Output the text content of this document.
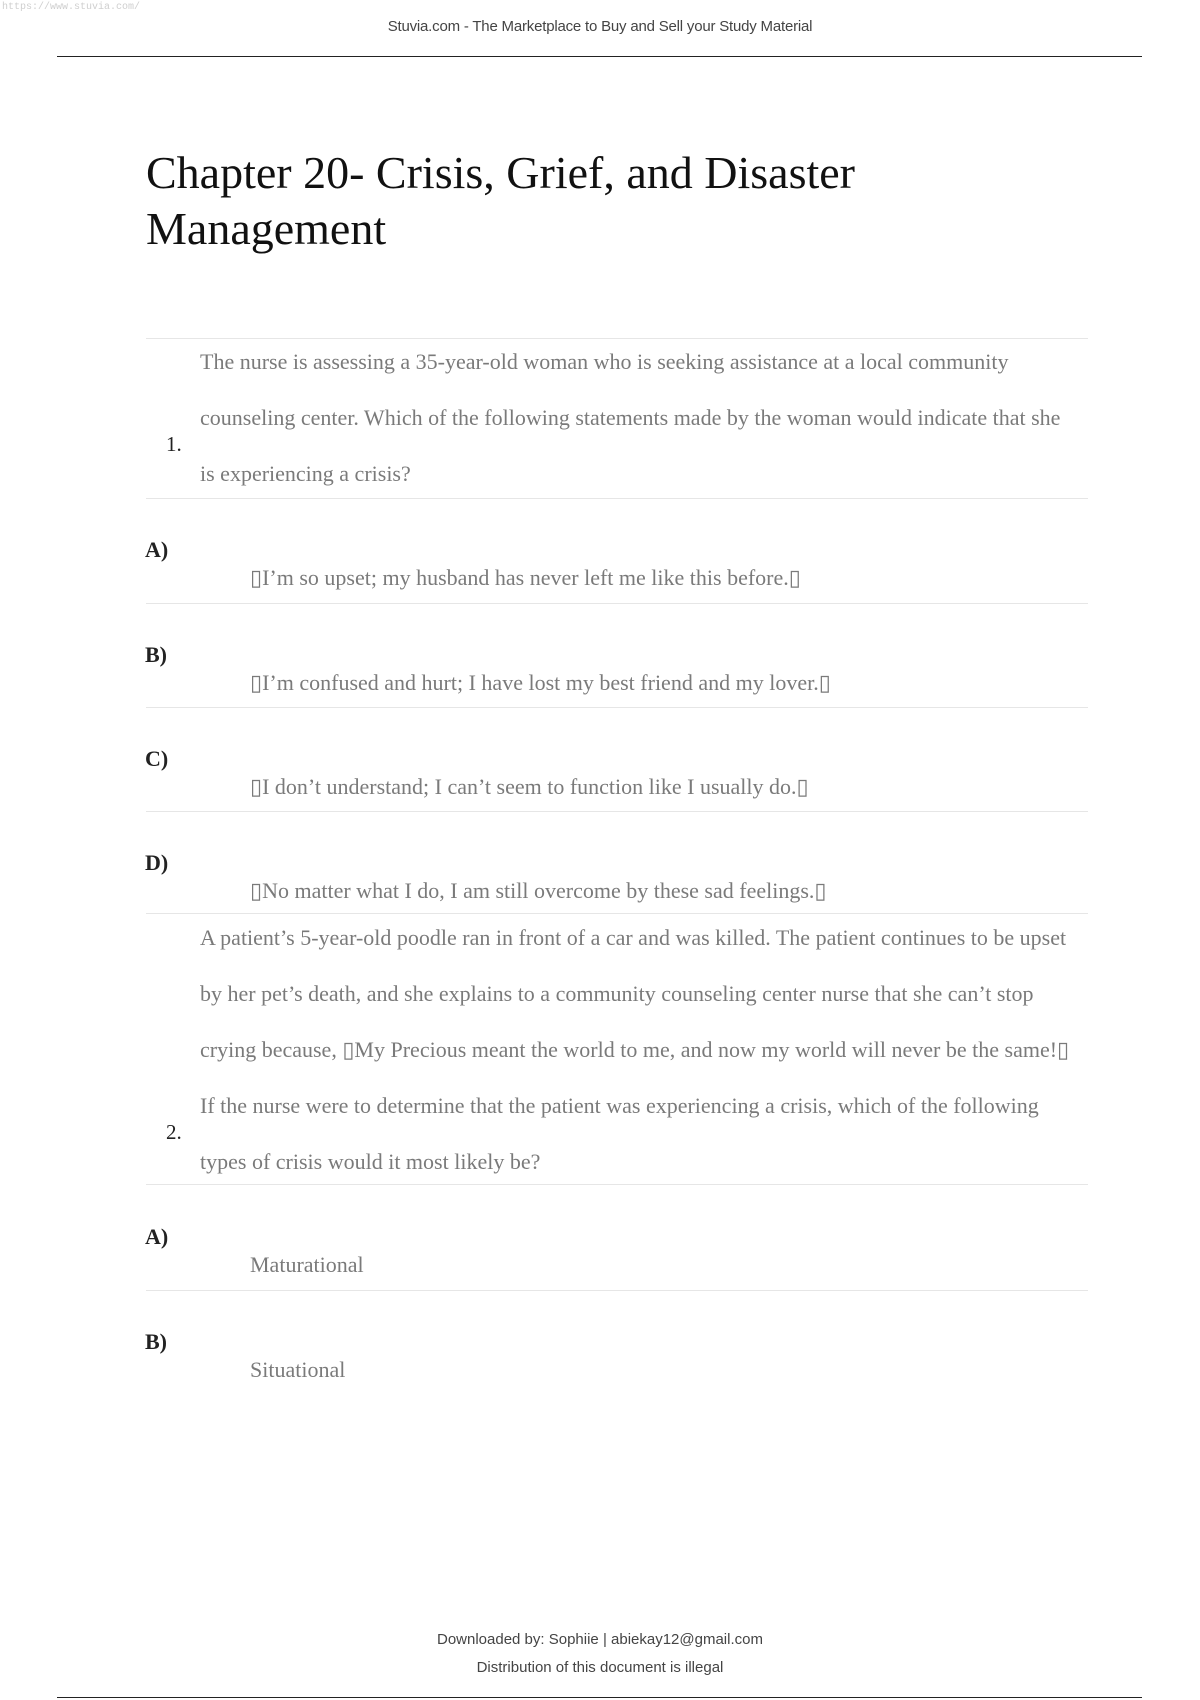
https://www.stuvia.com/
Stuvia.com - The Marketplace to Buy and Sell your Study Material
Chapter 20- Crisis, Grief, and Disaster Management
1.
The nurse is assessing a 35-year-old woman who is seeking assistance at a local community counseling center. Which of the following statements made by the woman would indicate that she is experiencing a crisis?
A)
▯I’m so upset; my husband has never left me like this before.▯
B)
▯I’m confused and hurt; I have lost my best friend and my lover.▯
C)
▯I don’t understand; I can’t seem to function like I usually do.▯
D)
▯No matter what I do, I am still overcome by these sad feelings.▯
2.
A patient’s 5-year-old poodle ran in front of a car and was killed. The patient continues to be upset by her pet’s death, and she explains to a community counseling center nurse that she can’t stop crying because, ▯My Precious meant the world to me, and now my world will never be the same!▯ If the nurse were to determine that the patient was experiencing a crisis, which of the following types of crisis would it most likely be?
A)
Maturational
B)
Situational
Downloaded by: Sophiie | abiekay12@gmail.com
Distribution of this document is illegal
